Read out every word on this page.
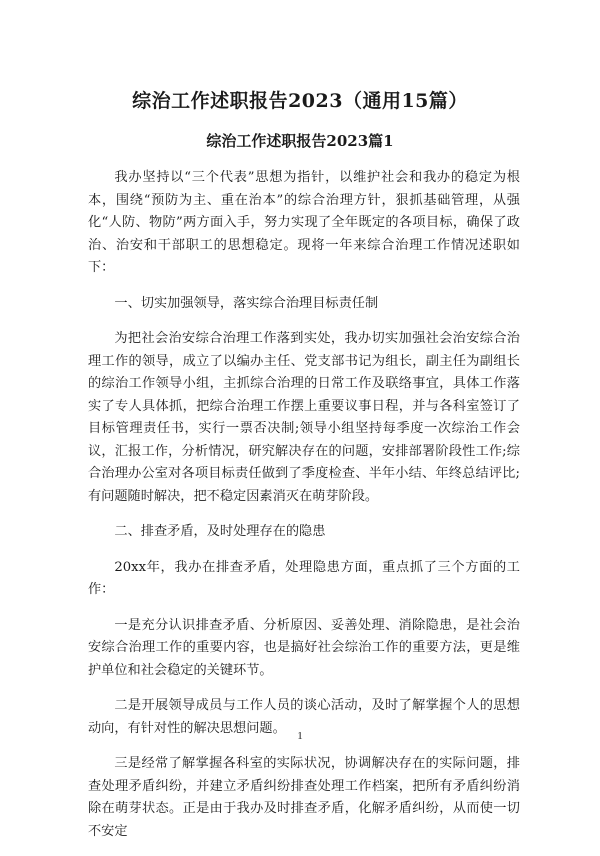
综治工作述职报告2023（通用15篇）
综治工作述职报告2023篇1

我办坚持以“三个代表”思想为指针，以维护社会和我办的稳定为根本，围绕“预防为主、重在治本”的综合治理方针，狠抓基础管理，从强化“人防、物防”两方面入手，努力实现了全年既定的各项目标，确保了政治、治安和干部职工的思想稳定。现将一年来综合治理工作情况述职如下：

一、切实加强领导，落实综合治理目标责任制

为把社会治安综合治理工作落到实处，我办切实加强社会治安综合治理工作的领导，成立了以编办主任、党支部书记为组长，副主任为副组长的综治工作领导小组，主抓综合治理的日常工作及联络事宜，具体工作落实了专人具体抓，把综合治理工作摆上重要议事日程，并与各科室签订了目标管理责任书，实行一票否决制;领导小组坚持每季度一次综治工作会议，汇报工作，分析情况，研究解决存在的问题，安排部署阶段性工作;综合治理办公室对各项目标责任做到了季度检查、半年小结、年终总结评比;有问题随时解决，把不稳定因素消灭在萌芽阶段。

二、排查矛盾，及时处理存在的隐患

20xx年，我办在排查矛盾，处理隐患方面，重点抓了三个方面的工作：

一是充分认识排查矛盾、分析原因、妥善处理、消除隐患，是社会治安综合治理工作的重要内容，也是搞好社会综治工作的重要方法，更是维护单位和社会稳定的关键环节。

二是开展领导成员与工作人员的谈心活动，及时了解掌握个人的思想动向，有针对性的解决思想问题。

三是经常了解掌握各科室的实际状况，协调解决存在的实际问题，排查处理矛盾纠纷，并建立矛盾纠纷排查处理工作档案，把所有矛盾纠纷消除在萌芽状态。正是由于我办及时排查矛盾，化解矛盾纠纷，从而使一切不安定

1
